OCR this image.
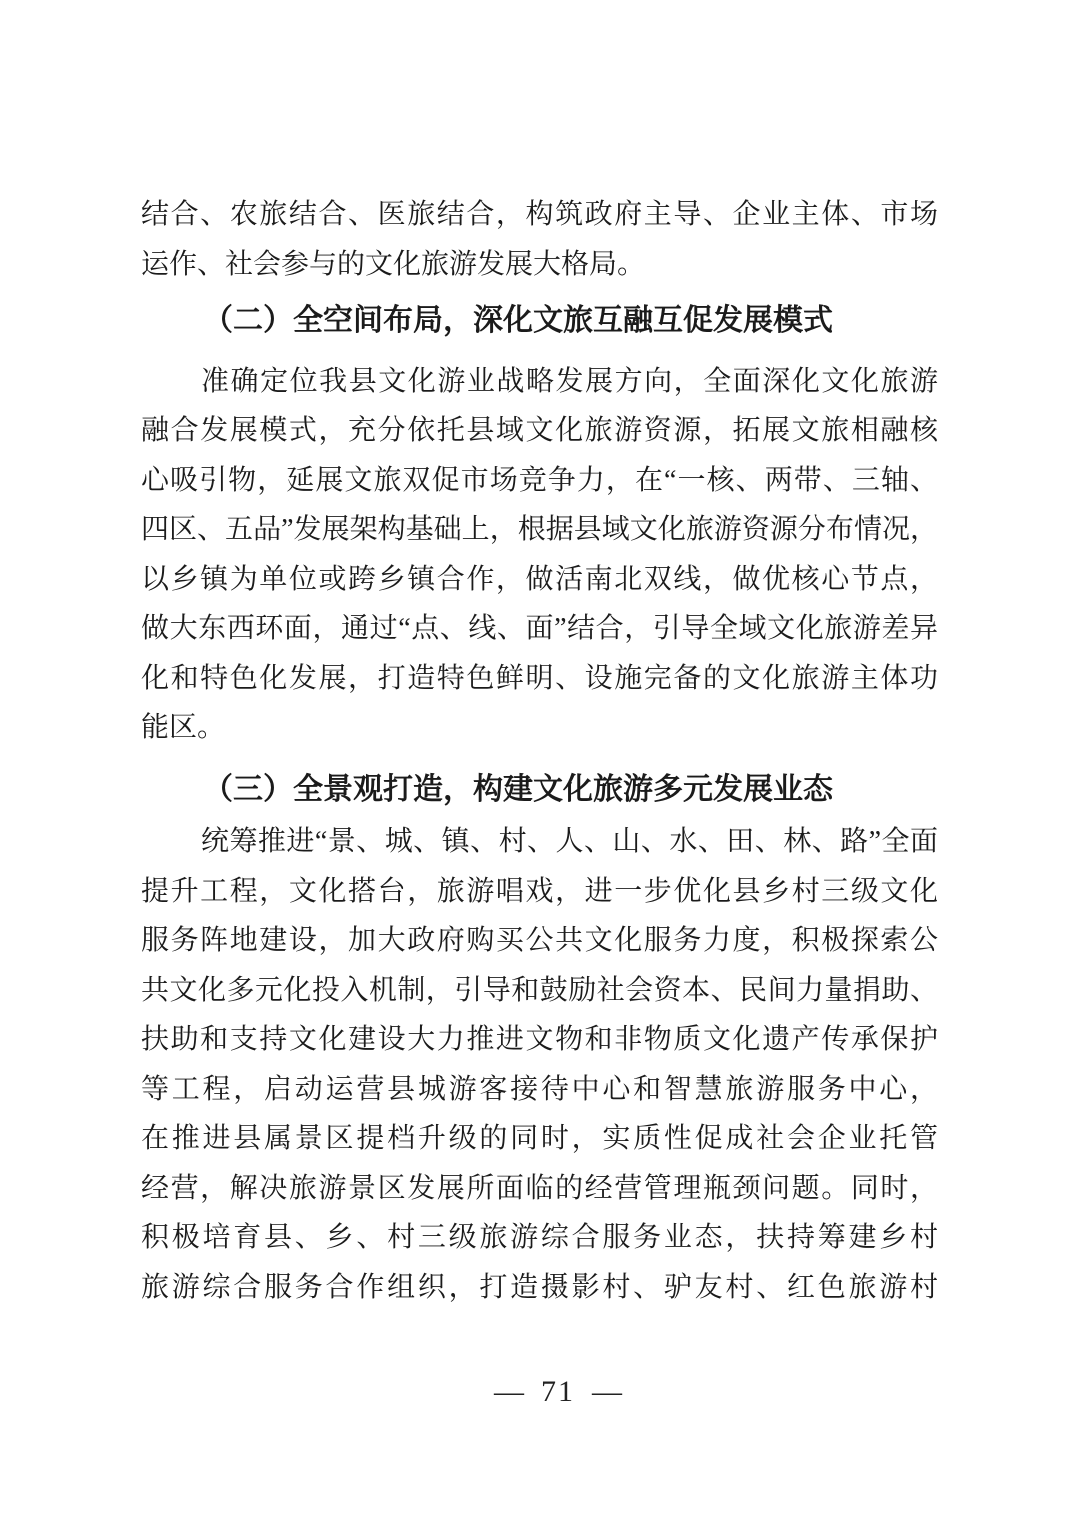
结合、农旅结合、医旅结合，构筑政府主导、企业主体、市场

运作、社会参与的文化旅游发展大格局。

（二）全空间布局，深化文旅互融互促发展模式

准确定位我县文化游业战略发展方向，全面深化文化旅游

融合发展模式，充分依托县域文化旅游资源，拓展文旅相融核

心吸引物，延展文旅双促市场竞争力，在“一核、两带、三轴、

四区、五品”发展架构基础上，根据县域文化旅游资源分布情况，

以乡镇为单位或跨乡镇合作，做活南北双线，做优核心节点，

做大东西环面，通过“点、线、面”结合，引导全域文化旅游差异

化和特色化发展，打造特色鲜明、设施完备的文化旅游主体功

能区。

（三）全景观打造，构建文化旅游多元发展业态

统筹推进“景、城、镇、村、人、山、水、田、林、路”全面

提升工程，文化搭台，旅游唱戏，进一步优化县乡村三级文化

服务阵地建设，加大政府购买公共文化服务力度，积极探索公

共文化多元化投入机制，引导和鼓励社会资本、民间力量捐助、

扶助和支持文化建设大力推进文物和非物质文化遗产传承保护

等工程，启动运营县城游客接待中心和智慧旅游服务中心，

在推进县属景区提档升级的同时，实质性促成社会企业托管

经营，解决旅游景区发展所面临的经营管理瓶颈问题。同时，

积极培育县、乡、村三级旅游综合服务业态，扶持筹建乡村

旅游综合服务合作组织，打造摄影村、驴友村、红色旅游村

— 71 —
